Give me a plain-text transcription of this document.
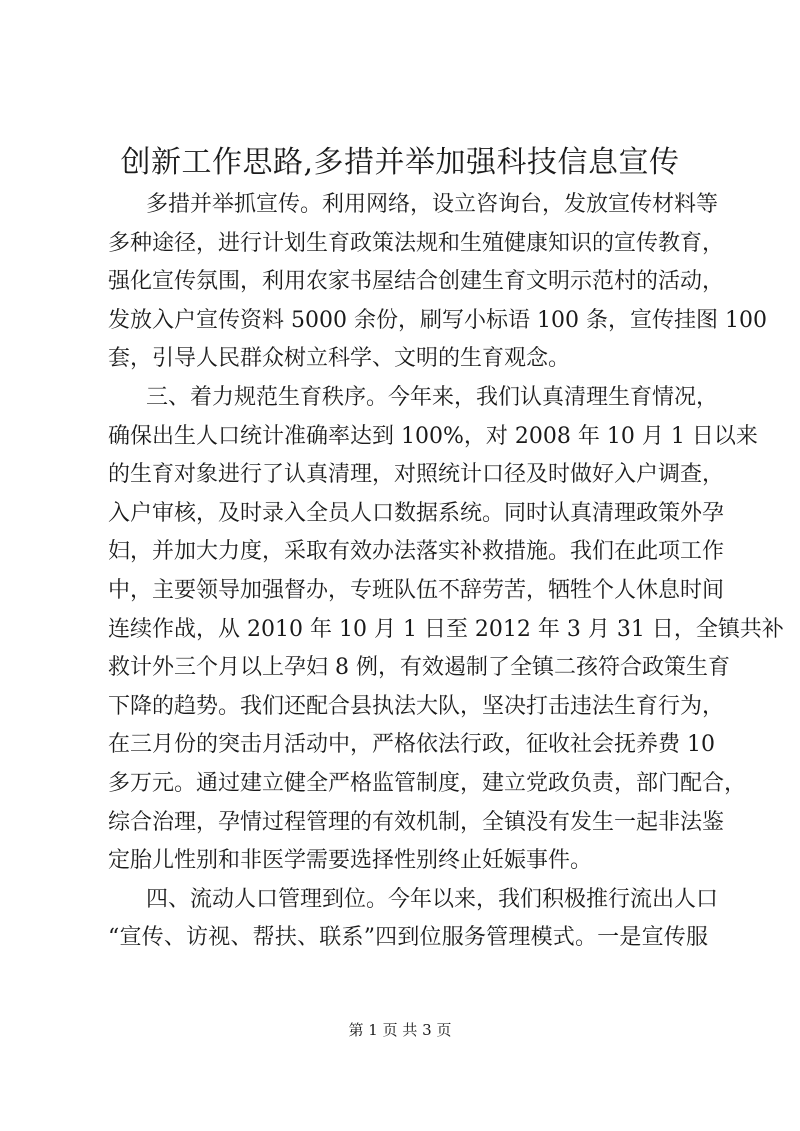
创新工作思路,多措并举加强科技信息宣传

多措并举抓宣传。利用网络，设立咨询台，发放宣传材料等
多种途径，进行计划生育政策法规和生殖健康知识的宣传教育，
强化宣传氛围，利用农家书屋结合创建生育文明示范村的活动，
发放入户宣传资料 5000 余份，刷写小标语 100 条，宣传挂图 100
套，引导人民群众树立科学、文明的生育观念。

三、着力规范生育秩序。今年来，我们认真清理生育情况，
确保出生人口统计准确率达到 100%，对 2008 年 10 月 1 日以来
的生育对象进行了认真清理，对照统计口径及时做好入户调查，
入户审核，及时录入全员人口数据系统。同时认真清理政策外孕
妇，并加大力度，采取有效办法落实补救措施。我们在此项工作
中，主要领导加强督办，专班队伍不辞劳苦，牺牲个人休息时间
连续作战，从 2010 年 10 月 1 日至 2012 年 3 月 31 日，全镇共补
救计外三个月以上孕妇 8 例，有效遏制了全镇二孩符合政策生育
下降的趋势。我们还配合县执法大队，坚决打击违法生育行为，
在三月份的突击月活动中，严格依法行政，征收社会抚养费 10
多万元。通过建立健全严格监管制度，建立党政负责，部门配合，
综合治理，孕情过程管理的有效机制，全镇没有发生一起非法鉴
定胎儿性别和非医学需要选择性别终止妊娠事件。

四、流动人口管理到位。今年以来，我们积极推行流出人口
“宣传、访视、帮扶、联系”四到位服务管理模式。一是宣传服

第 1 页 共 3 页
